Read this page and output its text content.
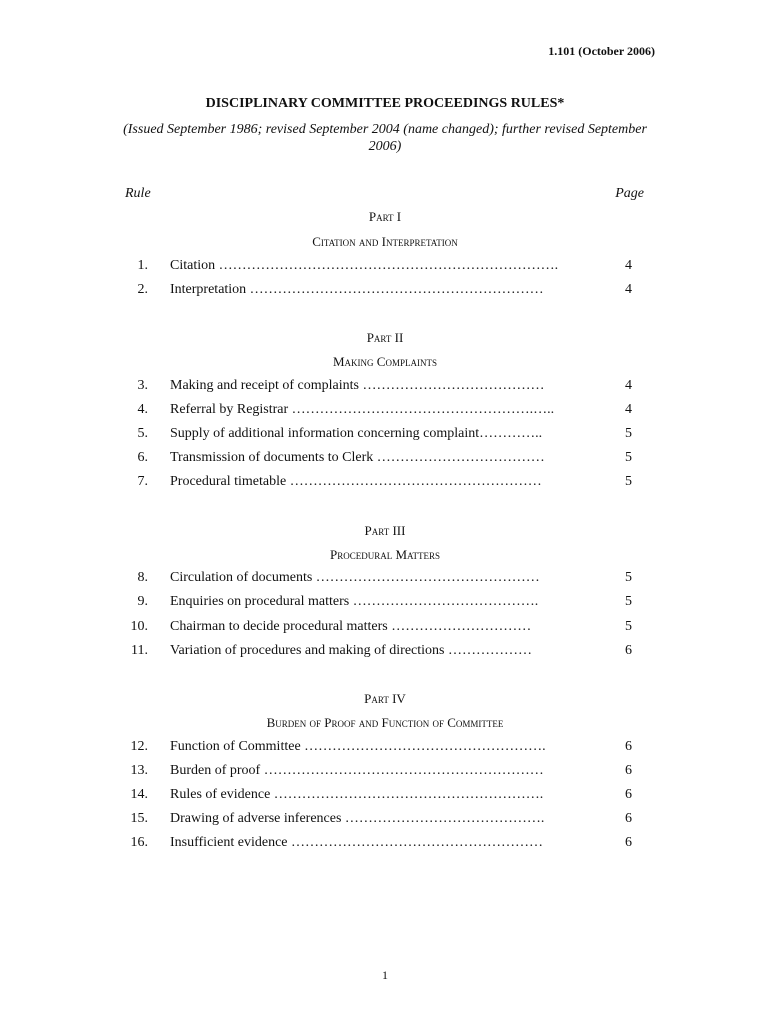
1.101 (October 2006)
DISCIPLINARY COMMITTEE PROCEEDINGS RULES*
(Issued September 1986; revised September 2004 (name changed); further revised September 2006)
Rule	Page
Part I
Citation and Interpretation
1. Citation ……………………………………………………………….	4
2. Interpretation ………………………………………………………	4
Part II
Making Complaints
3. Making and receipt of complaints …………………………………	4
4. Referral by Registrar …………………………………………….…..	4
5. Supply of additional information concerning complaint…………..	5
6. Transmission of documents to Clerk ………………………………	5
7. Procedural timetable ………………………………………………	5
Part III
Procedural Matters
8. Circulation of documents …………………………………………	5
9. Enquiries on procedural matters ………………………………….	5
10. Chairman to decide procedural matters …………………………	5
11. Variation of procedures and making of directions ………………	6
Part IV
Burden of Proof and Function of Committee
12. Function of Committee …………………………………………….	6
13. Burden of proof ……………………………………………………	6
14. Rules of evidence ………………………………………………….	6
15. Drawing of adverse inferences …………………………………….	6
16. Insufficient evidence ………………………………………………	6
1
